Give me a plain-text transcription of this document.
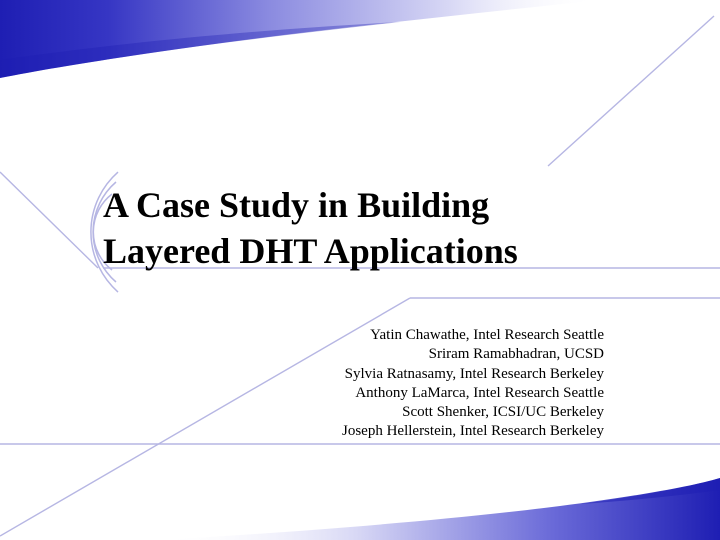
A Case Study in Building
Layered DHT Applications
Yatin Chawathe, Intel Research Seattle
Sriram Ramabhadran, UCSD
Sylvia Ratnasamy, Intel Research Berkeley
Anthony LaMarca, Intel Research Seattle
Scott Shenker, ICSI/UC Berkeley
Joseph Hellerstein, Intel Research Berkeley
